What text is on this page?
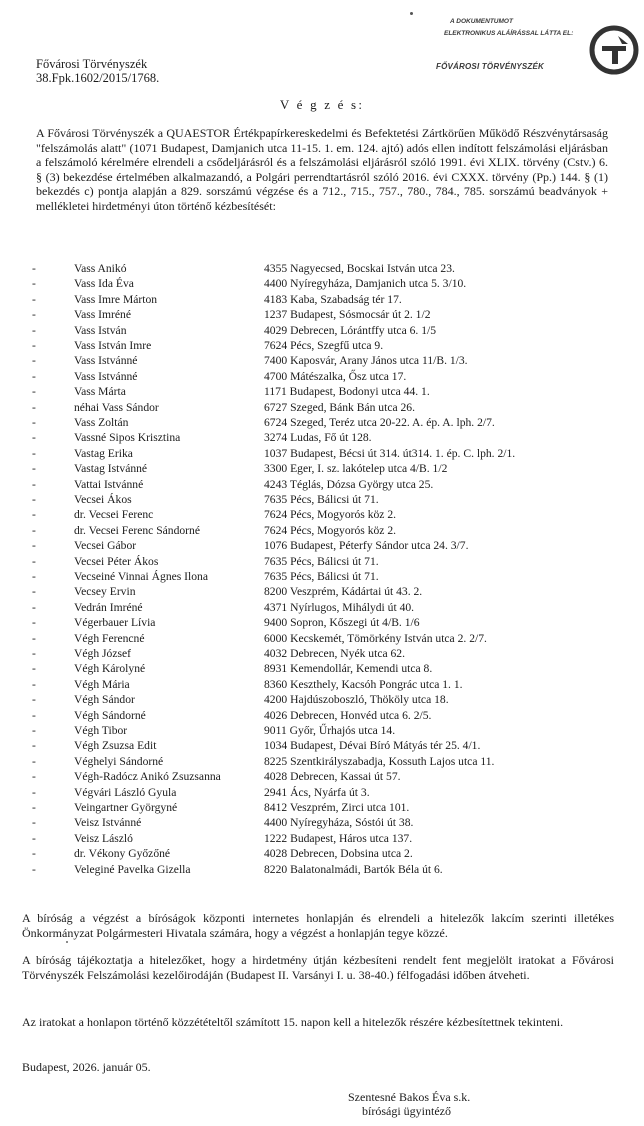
Fővárosi Törvényszék
38.Fpk.1602/2015/1768.
A DOKUMENTUMOT
ELEKTRONIKUS ALÁÍRÁSSAL LÁTTA EL:
FŐVÁROSI TÖRVÉNYSZÉK
V é g z é s:

A Fővárosi Törvényszék a QUAESTOR Értékpapírkereskedelmi és Befektetési Zártkörűen Működő Részvénytársaság "felszámolás alatt" (1071 Budapest, Damjanich utca 11-15. 1. em. 124. ajtó) adós ellen indított felszámolási eljárásban a felszámoló kérelmére elrendeli a csődeljárásról és a felszámolási eljárásról szóló 1991. évi XLIX. törvény (Cstv.) 6. § (3) bekezdése értelmében alkalmazandó, a Polgári perrendtartásról szóló 2016. évi CXXX. törvény (Pp.) 144. § (1) bekezdés c) pontja alapján a 829. sorszámú végzése és a 712., 715., 757., 780., 784., 785. sorszámú beadványok + mellékletei hirdetményi úton történő kézbesítését:

-	Vass Anikó	4355 Nagyecsed, Bocskai István utca 23.
-	Vass Ida Éva	4400 Nyíregyháza, Damjanich utca 5. 3/10.
-	Vass Imre Márton	4183 Kaba, Szabadság tér 17.
-	Vass Imréné	1237 Budapest, Sósmocsár út 2. 1/2
-	Vass István	4029 Debrecen, Lórántffy utca 6. 1/5
-	Vass István Imre	7624 Pécs, Szegfű utca 9.
-	Vass Istvánné	7400 Kaposvár, Arany János utca 11/B. 1/3.
-	Vass Istvánné	4700 Mátészalka, Ősz utca 17.
-	Vass Márta	1171 Budapest, Bodonyi utca 44. 1.
-	néhai Vass Sándor	6727 Szeged, Bánk Bán utca 26.
-	Vass Zoltán	6724 Szeged, Teréz utca 20-22. A. ép. A. lph. 2/7.
-	Vassné Sipos Krisztina	3274 Ludas, Fő út 128.
-	Vastag Erika	1037 Budapest, Bécsi út 314. út314. 1. ép. C. lph. 2/1.
-	Vastag Istvánné	3300 Eger, I. sz. lakótelep utca 4/B. 1/2
-	Vattai Istvánné	4243 Téglás, Dózsa György utca 25.
-	Vecsei Ákos	7635 Pécs, Bálicsi út 71.
-	dr. Vecsei Ferenc	7624 Pécs, Mogyorós köz 2.
-	dr. Vecsei Ferenc Sándorné	7624 Pécs, Mogyorós köz 2.
-	Vecsei Gábor	1076 Budapest, Péterfy Sándor utca 24. 3/7.
-	Vecsei Péter Ákos	7635 Pécs, Bálicsi út 71.
-	Vecseiné Vinnai Ágnes Ilona	7635 Pécs, Bálicsi út 71.
-	Vecsey Ervin	8200 Veszprém, Kádártai út 43. 2.
-	Vedrán Imréné	4371 Nyírlugos, Mihálydi út 40.
-	Végerbauer Lívia	9400 Sopron, Kőszegi út 4/B. 1/6
-	Végh Ferencné	6000 Kecskemét, Tömörkény István utca 2. 2/7.
-	Végh József	4032 Debrecen, Nyék utca 62.
-	Végh Károlyné	8931 Kemendollár, Kemendi utca 8.
-	Végh Mária	8360 Keszthely, Kacsóh Pongrác utca 1. 1.
-	Végh Sándor	4200 Hajdúszoboszló, Thököly utca 18.
-	Végh Sándorné	4026 Debrecen, Honvéd utca 6. 2/5.
-	Végh Tibor	9011 Győr, Űrhajós utca 14.
-	Végh Zsuzsa Edit	1034 Budapest, Dévai Bíró Mátyás tér 25. 4/1.
-	Véghelyi Sándorné	8225 Szentkirályszabadja, Kossuth Lajos utca 11.
-	Végh-Radócz Anikó Zsuzsanna	4028 Debrecen, Kassai út 57.
-	Végvári László Gyula	2941 Ács, Nyárfa út 3.
-	Veingartner Györgyné	8412 Veszprém, Zirci utca 101.
-	Veisz Istvánné	4400 Nyíregyháza, Sóstói út 38.
-	Veisz László	1222 Budapest, Háros utca 137.
-	dr. Vékony Győzőné	4028 Debrecen, Dobsina utca 2.
-	Veleginé Pavelka Gizella	8220 Balatonalmádi, Bartók Béla út 6.

A bíróság a végzést a bíróságok központi internetes honlapján és elrendeli a hitelezők lakcím szerinti illetékes Önkormányzat Polgármesteri Hivatala számára, hogy a végzést a honlapján tegye közzé.

A bíróság tájékoztatja a hitelezőket, hogy a hirdetmény útján kézbesíteni rendelt fent megjelölt iratokat a Fővárosi Törvényszék Felszámolási kezelőirodáján (Budapest II. Varsányi I. u. 38-40.) félfogadási időben átveheti.

Az iratokat a honlapon történő közzétételtől számított 15. napon kell a hitelezők részére kézbesítettnek tekinteni.

Budapest, 2026. január 05.
Szentesné Bakos Éva s.k.
bírósági ügyintéző
